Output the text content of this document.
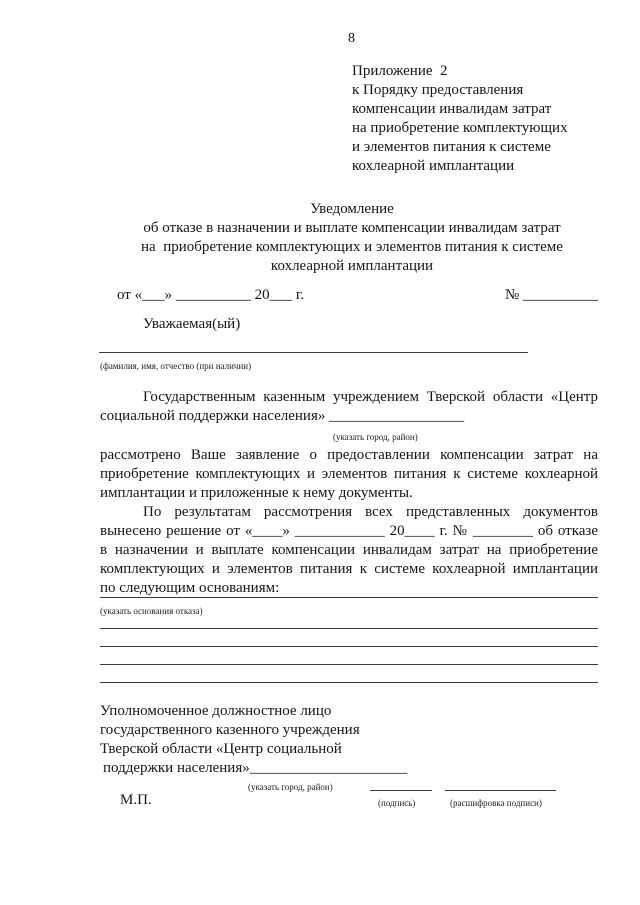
8
Приложение  2
к Порядку предоставления
компенсации инвалидам затрат
на приобретение комплектующих
и элементов питания к системе
кохлеарной имплантации
Уведомление
об отказе в назначении и выплате компенсации инвалидам затрат
на  приобретение комплектующих и элементов питания к системе
кохлеарной имплантации
от «___» __________ 20___ г.	№ __________
Уважаемая(ый)
(фамилия, имя, отчество (при наличии)
Государственным казенным учреждением Тверской области «Центр
социальной поддержки населения» __________________
(указать город, район)
рассмотрено Ваше заявление о предоставлении компенсации затрат на
приобретение комплектующих и элементов питания к системе кохлеарной
имплантации и приложенные к нему документы.
По результатам рассмотрения всех представленных документов
вынесено решение от «____» ____________ 20____ г. № ________ об отказе
в назначении и выплате компенсации инвалидам затрат на приобретение
комплектующих и элементов питания к системе кохлеарной имплантации
по следующим основаниям:
(указать основания отказа)
Уполномоченное должностное лицо
государственного казенного учреждения
Тверской области «Центр социальной
поддержки населения»_____________________
(указать город, район)
М.П.	(подпись)	(расшифровка подписи)
